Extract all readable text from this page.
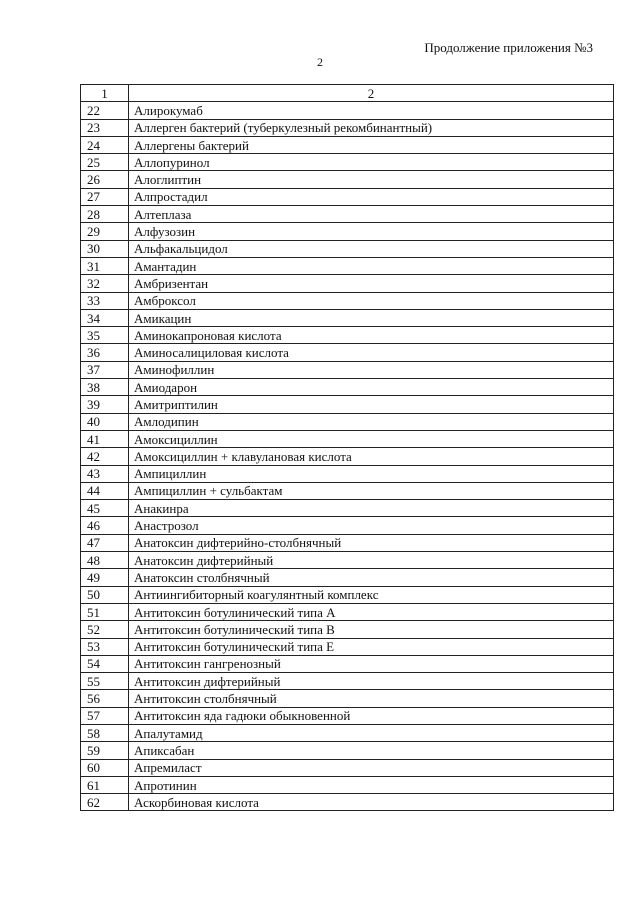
Продолжение приложения №3
2
1	2
22	Алирокумаб
23	Аллерген бактерий (туберкулезный рекомбинантный)
24	Аллергены бактерий
25	Аллопуринол
26	Алоглиптин
27	Алпростадил
28	Алтеплаза
29	Алфузозин
30	Альфакальцидол
31	Амантадин
32	Амбризентан
33	Амброксол
34	Амикацин
35	Аминокапроновая кислота
36	Аминосалициловая кислота
37	Аминофиллин
38	Амиодарон
39	Амитриптилин
40	Амлодипин
41	Амоксициллин
42	Амоксициллин + клавулановая кислота
43	Ампициллин
44	Ампициллин + сульбактам
45	Анакинра
46	Анастрозол
47	Анатоксин дифтерийно-столбнячный
48	Анатоксин дифтерийный
49	Анатоксин столбнячный
50	Антиингибиторный коагулянтный комплекс
51	Антитоксин ботулинический типа А
52	Антитоксин ботулинический типа В
53	Антитоксин ботулинический типа Е
54	Антитоксин гангренозный
55	Антитоксин дифтерийный
56	Антитоксин столбнячный
57	Антитоксин яда гадюки обыкновенной
58	Апалутамид
59	Апиксабан
60	Апремиласт
61	Апротинин
62	Аскорбиновая кислота
